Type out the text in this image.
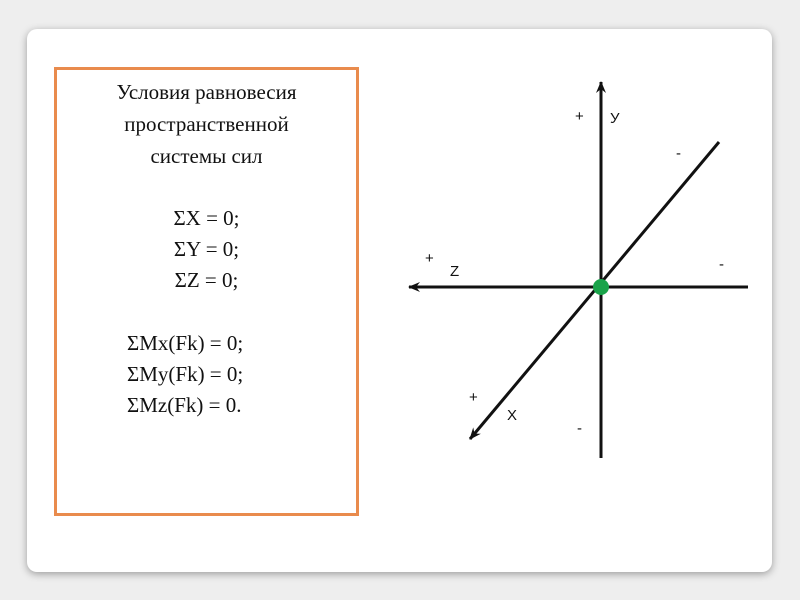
Условия равновесия
пространственной
системы сил
ΣX = 0;
ΣY = 0;
ΣZ = 0;
ΣMx(Fk) = 0;
ΣMy(Fk) = 0;
ΣMz(Fk) = 0.
+ У
-
+
Z	-
+
X
-
